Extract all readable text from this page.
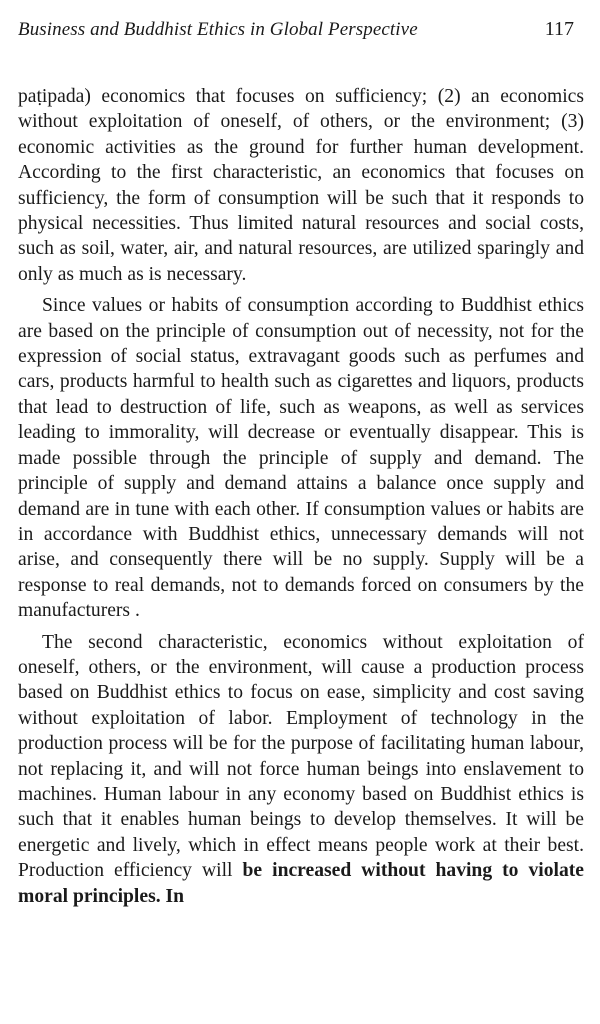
Business and Buddhist Ethics in Global Perspective	117

paṭipada) economics that focuses on sufficiency; (2) an economics without exploitation of oneself, of others, or the environment; (3) economic activities as the ground for further human development. According to the first characteristic, an economics that focuses on sufficiency, the form of consumption will be such that it responds to physical necessities. Thus limited natural resources and social costs, such as soil, water, air, and natural resources, are utilized sparingly and only as much as is necessary.

Since values or habits of consumption according to Buddhist ethics are based on the principle of consumption out of necessity, not for the expression of social status, extravagant goods such as perfumes and cars, products harmful to health such as cigarettes and liquors, products that lead to destruction of life, such as weapons, as well as services leading to immorality, will decrease or eventually disappear. This is made possible through the principle of supply and demand. The principle of supply and demand attains a balance once supply and demand are in tune with each other. If consumption values or habits are in accordance with Buddhist ethics, unnecessary demands will not arise, and consequently there will be no supply. Supply will be a response to real demands, not to demands forced on consumers by the manufacturers .

The second characteristic, economics without exploitation of oneself, others, or the environment, will cause a production process based on Buddhist ethics to focus on ease, simplicity and cost saving without exploitation of labor. Employment of technology in the production process will be for the purpose of facilitating human labour, not replacing it, and will not force human beings into enslavement to machines. Human labour in any economy based on Buddhist ethics is such that it enables human beings to develop themselves. It will be energetic and lively, which in effect means people work at their best. Production efficiency will be increased without having to violate moral principles. In
